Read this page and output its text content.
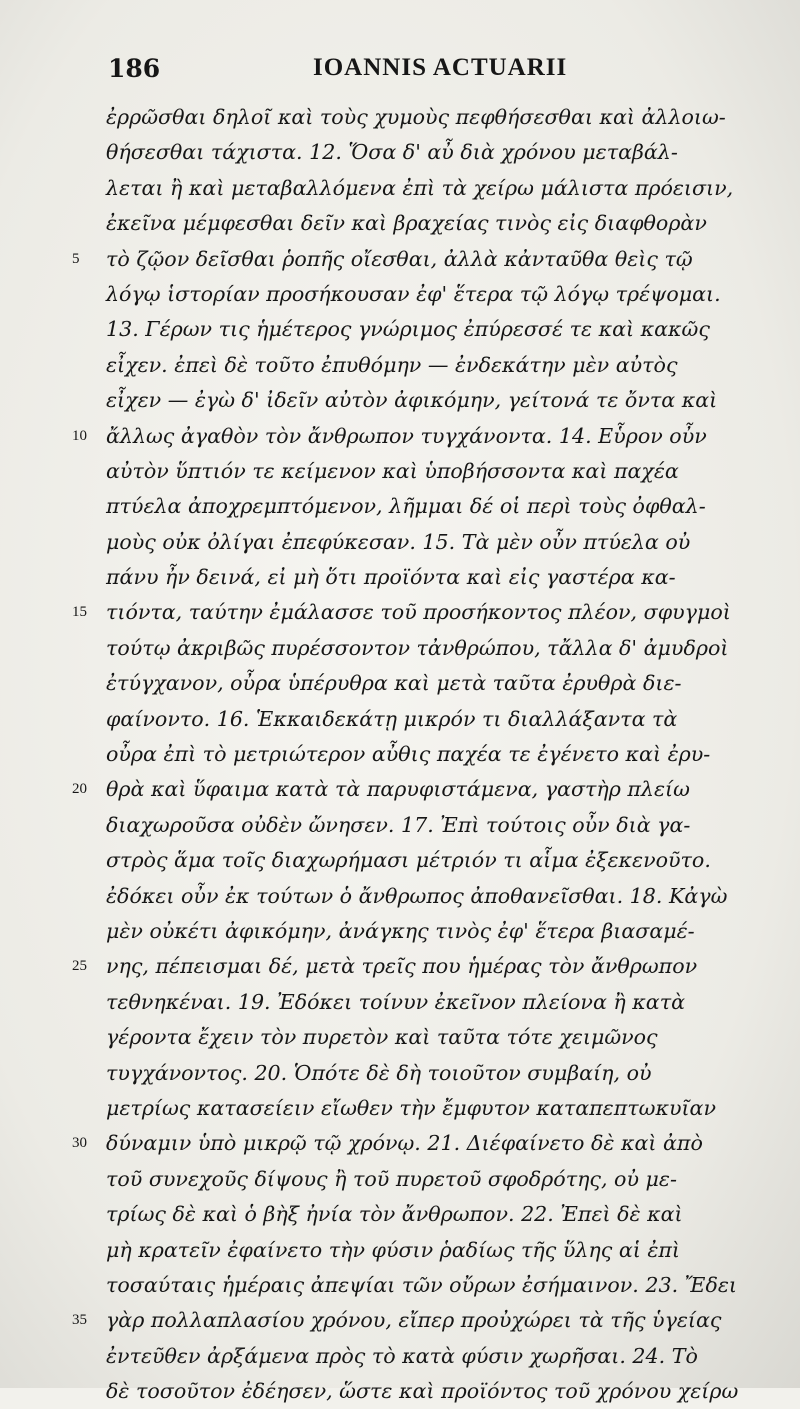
186	IOANNIS ACTUARII
ἐρρῶσθαι δηλοῖ καὶ τοὺς χυμοὺς πεφθήσεσθαι καὶ ἀλλοιω-
θήσεσθαι τάχιστα. 12. Ὅσα δ' αὖ διὰ χρόνου μεταβάλ-
λεται ἢ καὶ μεταβαλλόμενα ἐπὶ τὰ χείρω μάλιστα πρόεισιν,
ἐκεῖνα μέμφεσθαι δεῖν καὶ βραχείας τινὸς εἰς διαφθορὰν
5	τὸ ζῷον δεῖσθαι ῥοπῆς οἴεσθαι, ἀλλὰ κἀνταῦθα θεὶς τῷ
λόγῳ ἱστορίαν προσήκουσαν ἐφ' ἕτερα τῷ λόγῳ τρέψομαι.
13. Γέρων τις ἡμέτερος γνώριμος ἐπύρεσσέ τε καὶ κακῶς
εἶχεν. ἐπεὶ δὲ τοῦτο ἐπυθόμην — ἐνδεκάτην μὲν αὐτὸς
εἶχεν — ἐγὼ δ' ἰδεῖν αὐτὸν ἀφικόμην, γείτονά τε ὄντα καὶ
10 ἄλλως ἀγαθὸν τὸν ἄνθρωπον τυγχάνοντα. 14. Εὗρον οὖν
αὐτὸν ὕπτιόν τε κείμενον καὶ ὑποβήσσοντα καὶ παχέα
πτύελα ἀποχρεμπτόμενον, λῆμμαι δέ οἱ περὶ τοὺς ὀφθαλ-
μοὺς οὐκ ὀλίγαι ἐπεφύκεσαν. 15. Τὰ μὲν οὖν πτύελα οὐ
πάνυ ἦν δεινά, εἰ μὴ ὅτι προϊόντα καὶ εἰς γαστέρα κα-
15 τιόντα, ταύτην ἐμάλασσε τοῦ προσήκοντος πλέον, σφυγμοὶ
τούτῳ ἀκριβῶς πυρέσσοντον τἀνθρώπου, τἄλλα δ' ἀμυδροὶ
ἐτύγχανον, οὖρα ὑπέρυθρα καὶ μετὰ ταῦτα ἐρυθρὰ διε-
φαίνοντο. 16. Ἑκκαιδεκάτῃ μικρόν τι διαλλάξαντα τὰ
οὖρα ἐπὶ τὸ μετριώτερον αὖθις παχέα τε ἐγένετο καὶ ἐρυ-
20 θρὰ καὶ ὕφαιμα κατὰ τὰ παρυφιστάμενα, γαστὴρ πλείω
διαχωροῦσα οὐδὲν ὤνησεν. 17. Ἐπὶ τούτοις οὖν διὰ γα-
στρὸς ἅμα τοῖς διαχωρήμασι μέτριόν τι αἷμα ἐξεκενοῦτο.
ἐδόκει οὖν ἐκ τούτων ὁ ἄνθρωπος ἀποθανεῖσθαι. 18. Κἀγὼ
μὲν οὐκέτι ἀφικόμην, ἀνάγκης τινὸς ἐφ' ἕτερα βιασαμέ-
25 νης, πέπεισμαι δέ, μετὰ τρεῖς που ἡμέρας τὸν ἄνθρωπον
τεθνηκέναι. 19. Ἐδόκει τοίνυν ἐκεῖνον πλείονα ἢ κατὰ
γέροντα ἔχειν τὸν πυρετὸν καὶ ταῦτα τότε χειμῶνος
τυγχάνοντος. 20. Ὁπότε δὲ δὴ τοιοῦτον συμβαίη, οὐ
μετρίως κατασείειν εἴωθεν τὴν ἔμφυτον καταπεπτωκυῖαν
30 δύναμιν ὑπὸ μικρῷ τῷ χρόνῳ. 21. Διέφαίνετο δὲ καὶ ἀπὸ
τοῦ συνεχοῦς δίψους ἢ τοῦ πυρετοῦ σφοδρότης, οὐ με-
τρίως δὲ καὶ ὁ βὴξ ἠνία τὸν ἄνθρωπον. 22. Ἐπεὶ δὲ καὶ
μὴ κρατεῖν ἐφαίνετο τὴν φύσιν ῥαδίως τῆς ὕλης αἱ ἐπὶ
τοσαύταις ἡμέραις ἀπεψίαι τῶν οὔρων ἐσήμαινον. 23. Ἔδει
35 γὰρ πολλαπλασίου χρόνου, εἴπερ προὐχώρει τὰ τῆς ὑγείας
ἐντεῦθεν ἀρξάμενα πρὸς τὸ κατὰ φύσιν χωρῆσαι. 24. Τὸ
δὲ τοσοῦτον ἐδέησεν, ὥστε καὶ προϊόντος τοῦ χρόνου χείρω
